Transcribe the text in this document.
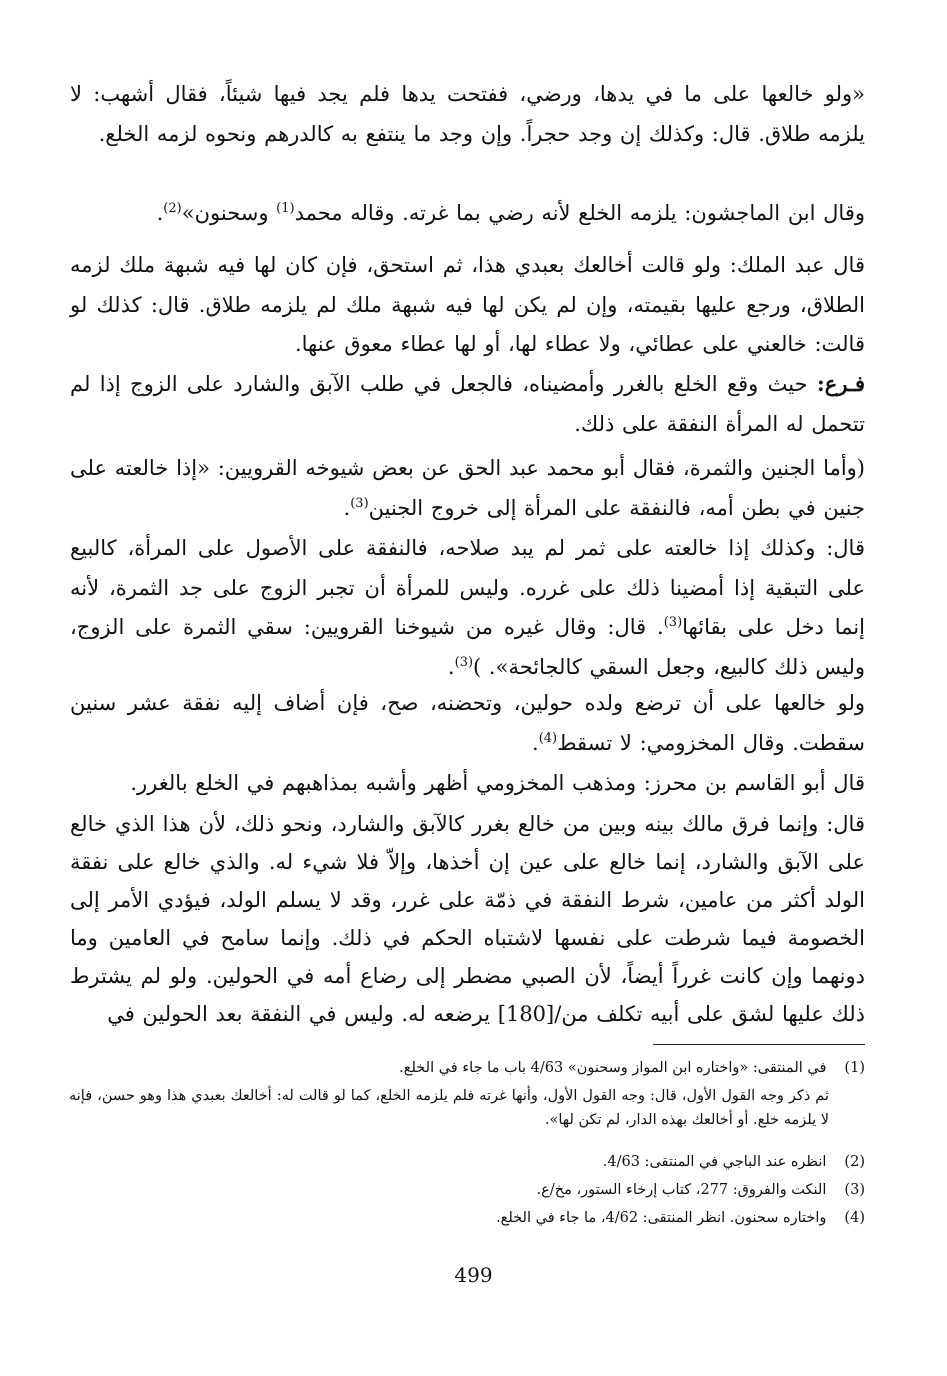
«ولو خالعها على ما في يدها، ورضي، ففتحت يدها فلم يجد فيها شيئاً، فقال أشهب: لا يلزمه طلاق. قال: وكذلك إن وجد حجراً. وإن وجد ما ينتفع به كالدرهم ونحوه لزمه الخلع.

وقال ابن الماجشون: يلزمه الخلع لأنه رضي بما غرته. وقاله محمد$^{(1)}$ وسحنون»$^{(2)}$.

قال عبد الملك: ولو قالت أخالعك بعبدي هذا، ثم استحق، فإن كان لها فيه شبهة ملك لزمه الطلاق، ورجع عليها بقيمته، وإن لم يكن لها فيه شبهة ملك لم يلزمه طلاق. قال: كذلك لو قالت: خالعني على عطائي، ولا عطاء لها، أو لها عطاء معوق عنها.

فـرع: حيث وقع الخلع بالغرر وأمضيناه، فالجعل في طلب الآبق والشارد على الزوج إذا لم تتحمل له المرأة النفقة على ذلك.

(وأما الجنين والثمرة، فقال أبو محمد عبد الحق عن بعض شيوخه القرويين: «إذا خالعته على جنين في بطن أمه، فالنفقة على المرأة إلى خروج الجنين$^{(3)}$.

قال: وكذلك إذا خالعته على ثمر لم يبد صلاحه، فالنفقة على الأصول على المرأة، كالبيع على التبقية إذا أمضينا ذلك على غرره. وليس للمرأة أن تجبر الزوج على جد الثمرة، لأنه إنما دخل على بقائها$^{(3)}$. قال: وقال غيره من شيوخنا القرويين: سقي الثمرة على الزوج، وليس ذلك كالبيع، وجعل السقي كالجائحة». )$^{(3)}$.

ولو خالعها على أن ترضع ولده حولين، وتحضنه، صح، فإن أضاف إليه نفقة عشر سنين سقطت. وقال المخزومي: لا تسقط$^{(4)}$.

قال أبو القاسم بن محرز: ومذهب المخزومي أظهر وأشبه بمذاهبهم في الخلع بالغرر.

قال: وإنما فرق مالك بينه وبين من خالع بغرر كالآبق والشارد، ونحو ذلك، لأن هذا الذي خالع على الآبق والشارد، إنما خالع على عين إن أخذها، وإلاّ فلا شيء له. والذي خالع على نفقة الولد أكثر من عامين، شرط النفقة في ذمّة على غرر، وقد لا يسلم الولد، فيؤدي الأمر إلى الخصومة فيما شرطت على نفسها لاشتباه الحكم في ذلك. وإنما سامح في العامين وما دونهما وإن كانت غرراً أيضاً، لأن الصبي مضطر إلى رضاع أمه في الحولين. ولو لم يشترط ذلك عليها لشق على أبيه تكلف من/[180] يرضعه له. وليس في النفقة بعد الحولين في

(1) في المنتقى: «واختاره ابن المواز وسحنون» 4/63 باب ما جاء في الخلع.
ثم ذكر وجه القول الأول، قال: وجه القول الأول، وأنها غرته فلم يلزمه الخلع، كما لو قالت له: أخالعك بعبدي هذا وهو حسن، فإنه لا يلزمه خلع. أو أخالعك بهذه الدار، لم تكن لها».
(2) انظره عند الباجي في المنتقى: 4/63.
(3) النكت والفروق: 277، كتاب إرخاء الستور، مخ/ع.
(4) واختاره سحنون. انظر المنتقى: 4/62، ما جاء في الخلع.
499
